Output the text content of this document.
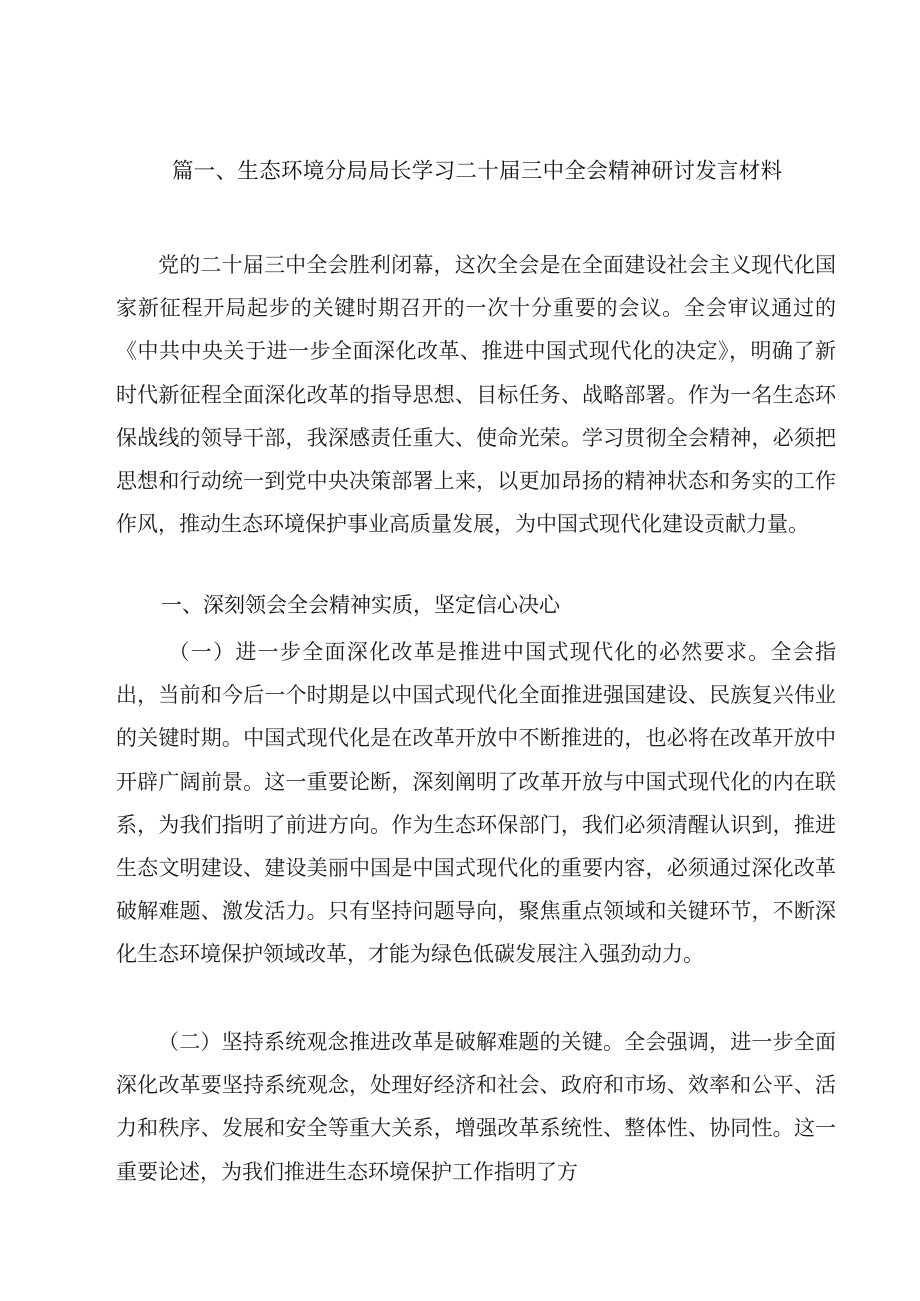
篇一、生态环境分局局长学习二十届三中全会精神研讨发言材料

党的二十届三中全会胜利闭幕，这次全会是在全面建设社会主义现代化国家新征程开局起步的关键时期召开的一次十分重要的会议。全会审议通过的《中共中央关于进一步全面深化改革、推进中国式现代化的决定》，明确了新时代新征程全面深化改革的指导思想、目标任务、战略部署。作为一名生态环保战线的领导干部，我深感责任重大、使命光荣。学习贯彻全会精神，必须把思想和行动统一到党中央决策部署上来，以更加昂扬的精神状态和务实的工作作风，推动生态环境保护事业高质量发展，为中国式现代化建设贡献力量。

一、深刻领会全会精神实质，坚定信心决心

（一）进一步全面深化改革是推进中国式现代化的必然要求。全会指出，当前和今后一个时期是以中国式现代化全面推进强国建设、民族复兴伟业的关键时期。中国式现代化是在改革开放中不断推进的，也必将在改革开放中开辟广阔前景。这一重要论断，深刻阐明了改革开放与中国式现代化的内在联系，为我们指明了前进方向。作为生态环保部门，我们必须清醒认识到，推进生态文明建设、建设美丽中国是中国式现代化的重要内容，必须通过深化改革破解难题、激发活力。只有坚持问题导向，聚焦重点领域和关键环节，不断深化生态环境保护领域改革，才能为绿色低碳发展注入强劲动力。

（二）坚持系统观念推进改革是破解难题的关键。全会强调，进一步全面深化改革要坚持系统观念，处理好经济和社会、政府和市场、效率和公平、活力和秩序、发展和安全等重大关系，增强改革系统性、整体性、协同性。这一重要论述，为我们推进生态环境保护工作指明了方
